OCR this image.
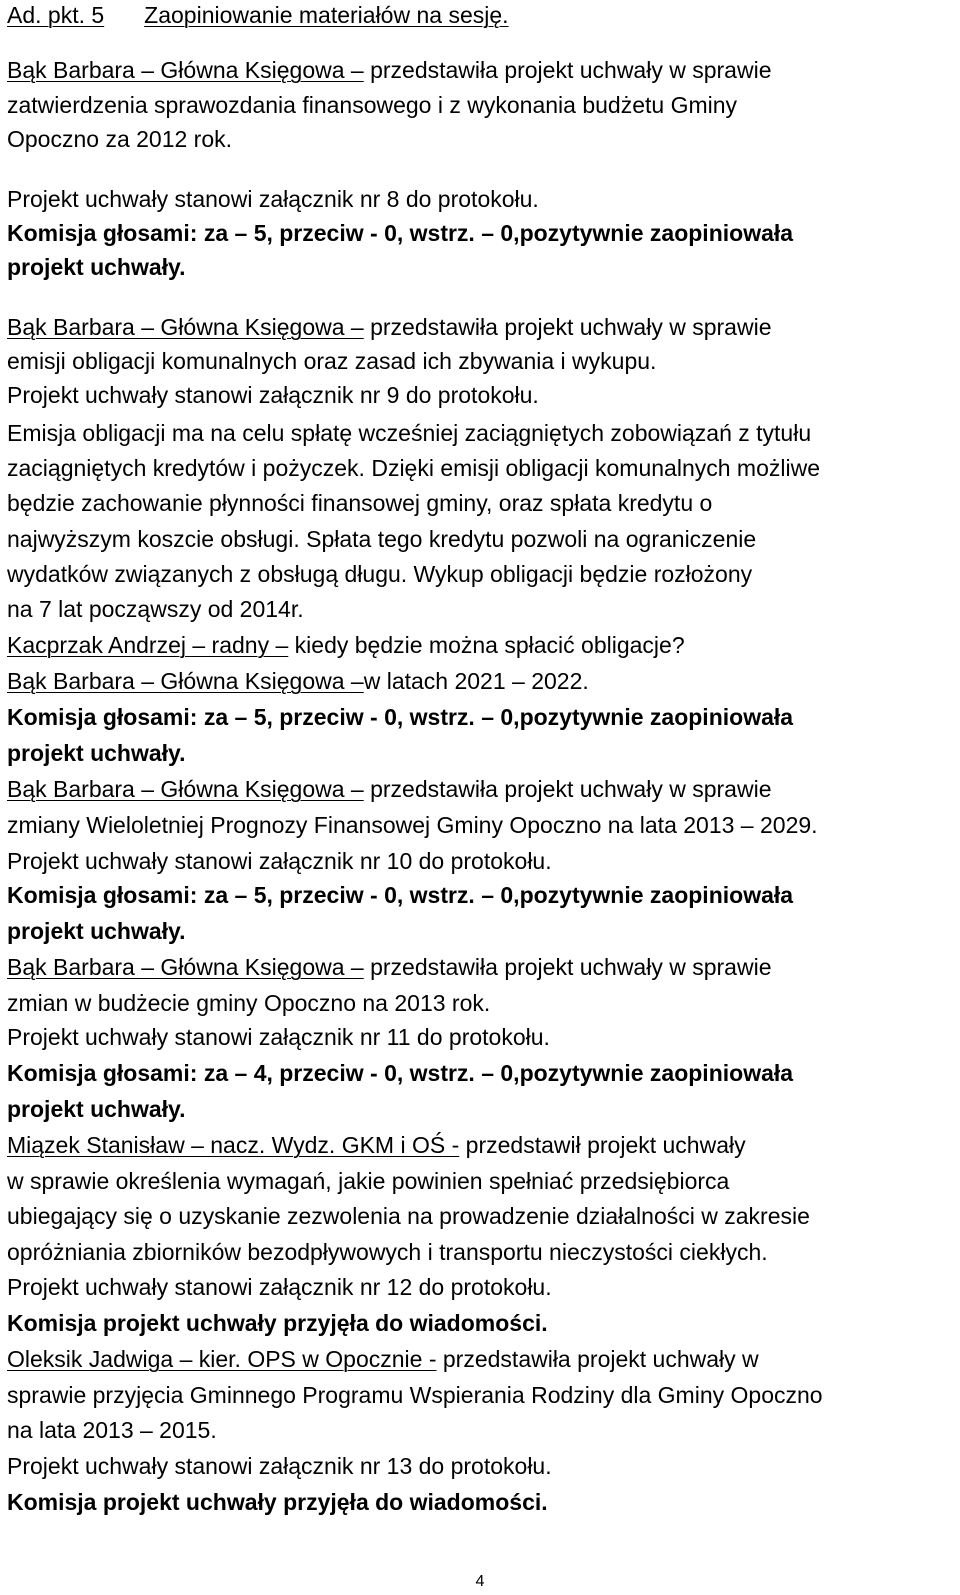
Ad. pkt. 5 Zaopiniowanie materiałów na sesję.
Bąk Barbara – Główna Księgowa – przedstawiła projekt uchwały w sprawie
zatwierdzenia sprawozdania finansowego i z wykonania budżetu Gminy
Opoczno za 2012 rok.
Projekt uchwały stanowi załącznik nr 8 do protokołu.
Komisja głosami: za – 5, przeciw - 0, wstrz. – 0,pozytywnie zaopiniowała
projekt uchwały.
Bąk Barbara – Główna Księgowa – przedstawiła projekt uchwały w sprawie
emisji obligacji komunalnych oraz zasad ich zbywania i wykupu.
Projekt uchwały stanowi załącznik nr 9 do protokołu.
Emisja obligacji ma na celu spłatę wcześniej zaciągniętych zobowiązań z tytułu
zaciągniętych kredytów i pożyczek. Dzięki emisji obligacji komunalnych możliwe
będzie zachowanie płynności finansowej gminy, oraz spłata kredytu o
najwyższym koszcie obsługi. Spłata tego kredytu pozwoli na ograniczenie
wydatków związanych z obsługą długu. Wykup obligacji będzie rozłożony
na 7 lat począwszy od 2014r.
Kacprzak Andrzej – radny – kiedy będzie można spłacić obligacje?
Bąk Barbara – Główna Księgowa –w latach 2021 – 2022.
Komisja głosami: za – 5, przeciw - 0, wstrz. – 0,pozytywnie zaopiniowała
projekt uchwały.
Bąk Barbara – Główna Księgowa – przedstawiła projekt uchwały w sprawie
zmiany Wieloletniej Prognozy Finansowej Gminy Opoczno na lata 2013 – 2029.
Projekt uchwały stanowi załącznik nr 10 do protokołu.
Komisja głosami: za – 5, przeciw - 0, wstrz. – 0,pozytywnie zaopiniowała
projekt uchwały.
Bąk Barbara – Główna Księgowa – przedstawiła projekt uchwały w sprawie
zmian w budżecie gminy Opoczno na 2013 rok.
Projekt uchwały stanowi załącznik nr 11 do protokołu.
Komisja głosami: za – 4, przeciw - 0, wstrz. – 0,pozytywnie zaopiniowała
projekt uchwały.
Miązek Stanisław – nacz. Wydz. GKM i OŚ - przedstawił projekt uchwały
w sprawie określenia wymagań, jakie powinien spełniać przedsiębiorca
ubiegający się o uzyskanie zezwolenia na prowadzenie działalności w zakresie
opróżniania zbiorników bezodpływowych i transportu nieczystości ciekłych.
Projekt uchwały stanowi załącznik nr 12 do protokołu.
Komisja projekt uchwały przyjęła do wiadomości.
Oleksik Jadwiga – kier. OPS w Opocznie - przedstawiła projekt uchwały w
sprawie przyjęcia Gminnego Programu Wspierania Rodziny dla Gminy Opoczno
na lata 2013 – 2015.
Projekt uchwały stanowi załącznik nr 13 do protokołu.
Komisja projekt uchwały przyjęła do wiadomości.
4
